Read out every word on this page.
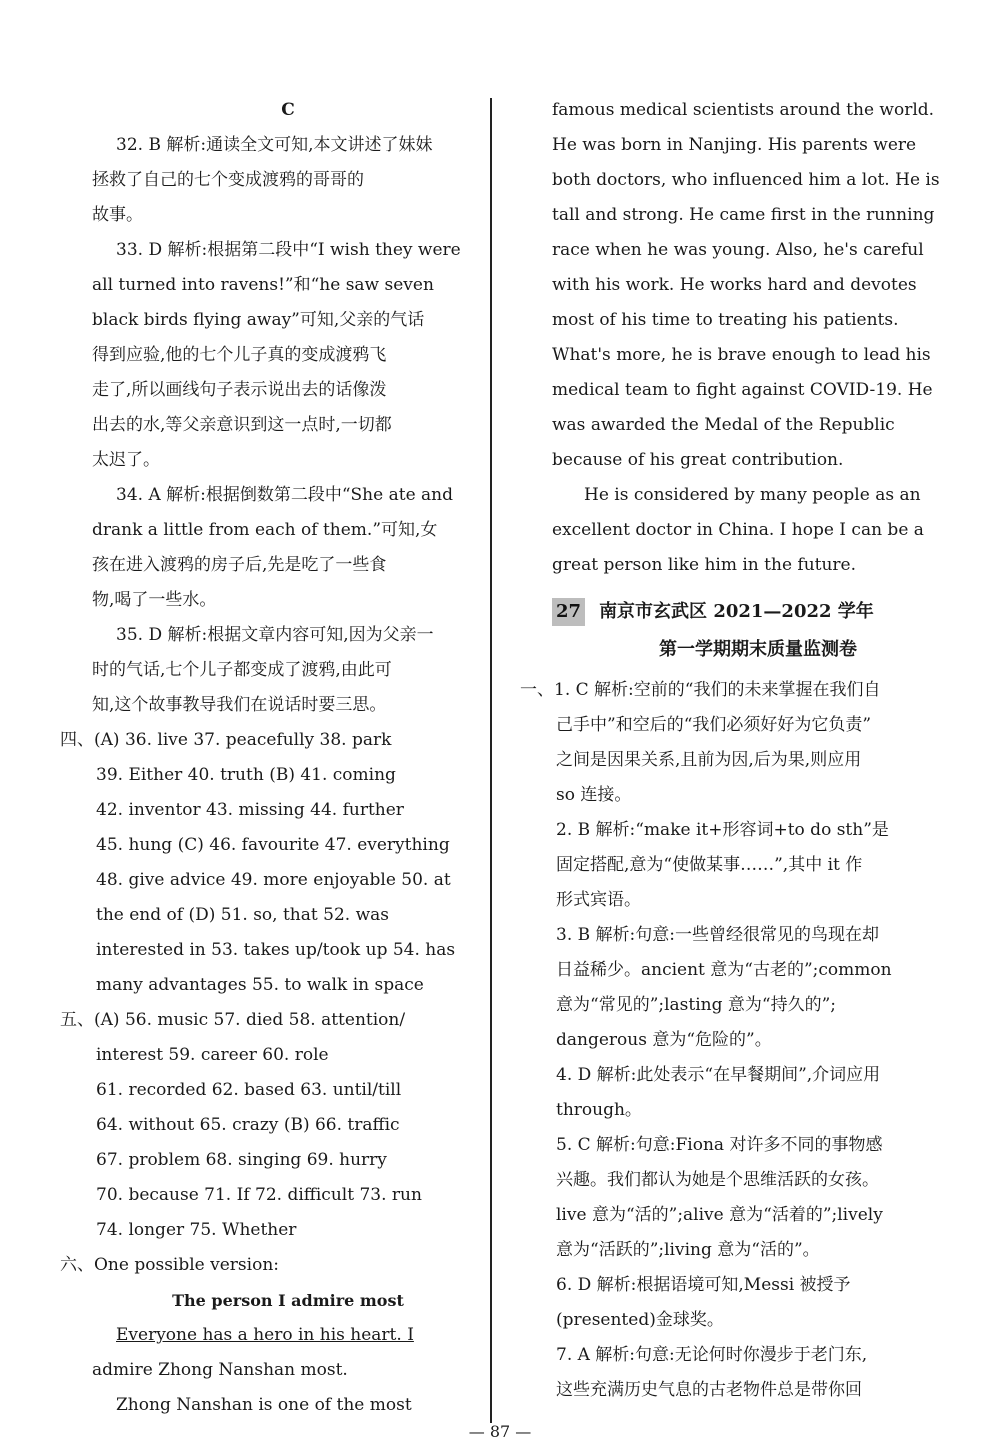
C
32. B 解析:通读全文可知,本文讲述了妹妹
拯救了自己的七个变成渡鸦的哥哥的
故事。
33. D 解析:根据第二段中“I wish they were
all turned into ravens!”和“he saw seven
black birds flying away”可知,父亲的气话
得到应验,他的七个儿子真的变成渡鸦飞
走了,所以画线句子表示说出去的话像泼
出去的水,等父亲意识到这一点时,一切都
太迟了。
34. A 解析:根据倒数第二段中“She ate and
drank a little from each of them.”可知,女
孩在进入渡鸦的房子后,先是吃了一些食
物,喝了一些水。
35. D 解析:根据文章内容可知,因为父亲一
时的气话,七个儿子都变成了渡鸦,由此可
知,这个故事教导我们在说话时要三思。
四、(A) 36. live 37. peacefully 38. park
39. Either 40. truth (B) 41. coming
42. inventor 43. missing 44. further
45. hung (C) 46. favourite 47. everything
48. give advice 49. more enjoyable 50. at
the end of (D) 51. so, that 52. was
interested in 53. takes up/took up 54. has
many advantages 55. to walk in space
五、(A) 56. music 57. died 58. attention/
interest 59. career 60. role
61. recorded 62. based 63. until/till
64. without 65. crazy (B) 66. traffic
67. problem 68. singing 69. hurry
70. because 71. If 72. difficult 73. run
74. longer 75. Whether
六、One possible version:
The person I admire most
Everyone has a hero in his heart. I
admire Zhong Nanshan most.
Zhong Nanshan is one of the most
famous medical scientists around the world.
He was born in Nanjing. His parents were
both doctors, who influenced him a lot. He is
tall and strong. He came first in the running
race when he was young. Also, he's careful
with his work. He works hard and devotes
most of his time to treating his patients.
What's more, he is brave enough to lead his
medical team to fight against COVID-19. He
was awarded the Medal of the Republic
because of his great contribution.
He is considered by many people as an
excellent doctor in China. I hope I can be a
great person like him in the future.
27 南京市玄武区 2021—2022 学年
第一学期期末质量监测卷
一、1. C 解析:空前的“我们的未来掌握在我们自
己手中”和空后的“我们必须好好为它负责”
之间是因果关系,且前为因,后为果,则应用
so 连接。
2. B 解析:“make it+形容词+to do sth”是
固定搭配,意为“使做某事……”,其中 it 作
形式宾语。
3. B 解析:句意:一些曾经很常见的鸟现在却
日益稀少。ancient 意为“古老的”;common
意为“常见的”;lasting 意为“持久的”;
dangerous 意为“危险的”。
4. D 解析:此处表示“在早餐期间”,介词应用
through。
5. C 解析:句意:Fiona 对许多不同的事物感
兴趣。我们都认为她是个思维活跃的女孩。
live 意为“活的”;alive 意为“活着的”;lively
意为“活跃的”;living 意为“活的”。
6. D 解析:根据语境可知,Messi 被授予
(presented)金球奖。
7. A 解析:句意:无论何时你漫步于老门东,
这些充满历史气息的古老物件总是带你回
— 87 —
